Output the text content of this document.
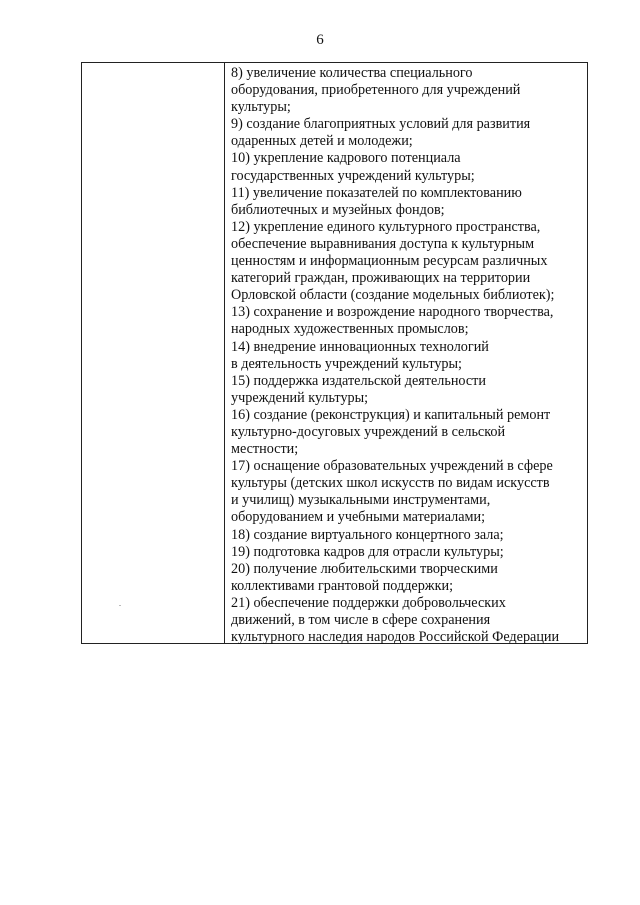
6
8) увеличение количества специального
оборудования, приобретенного для учреждений
культуры;
9) создание благоприятных условий для развития
одаренных детей и молодежи;
10) укрепление кадрового потенциала
государственных учреждений культуры;
11) увеличение показателей по комплектованию
библиотечных и музейных фондов;
12) укрепление единого культурного пространства,
обеспечение выравнивания доступа к культурным
ценностям и информационным ресурсам различных
категорий граждан, проживающих на территории
Орловской области (создание модельных библиотек);
13) сохранение и возрождение народного творчества,
народных художественных промыслов;
14) внедрение инновационных технологий
в деятельность учреждений культуры;
15) поддержка издательской деятельности
учреждений культуры;
16) создание (реконструкция) и капитальный ремонт
культурно-досуговых учреждений в сельской
местности;
17) оснащение образовательных учреждений в сфере
культуры (детских школ искусств по видам искусств
и училищ) музыкальными инструментами,
оборудованием и учебными материалами;
18) создание виртуального концертного зала;
19) подготовка кадров для отрасли культуры;
20) получение любительскими творческими
коллективами грантовой поддержки;
21) обеспечение поддержки добровольческих
движений, в том числе в сфере сохранения
культурного наследия народов Российской Федерации
